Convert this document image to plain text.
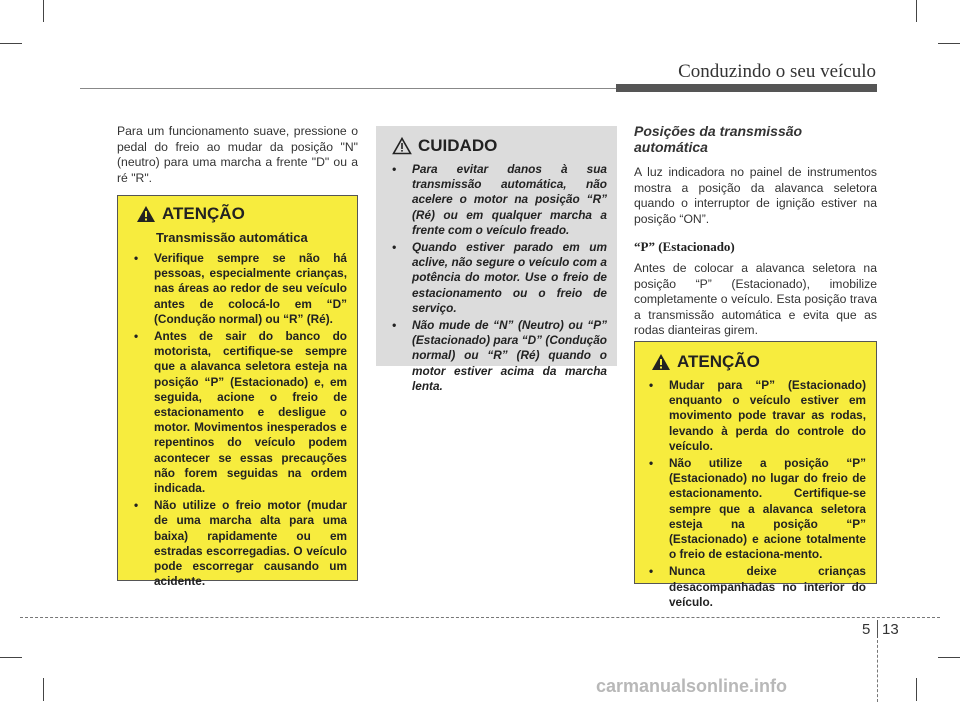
Conduzindo o seu veículo

Para um funcionamento suave, pressione o pedal do freio ao mudar da posição "N" (neutro) para uma marcha a frente "D" ou a ré "R".

ATENÇÃO
Transmissão automática
• Verifique sempre se não há pessoas, especialmente crianças, nas áreas ao redor de seu veículo antes de colocá-lo em “D” (Condução normal) ou “R” (Ré).
• Antes de sair do banco do motorista, certifique-se sempre que a alavanca seletora esteja na posição “P” (Estacionado) e, em seguida, acione o freio de estacionamento e desligue o motor. Movimentos inesperados e repentinos do veículo podem acontecer se essas precauções não forem seguidas na ordem indicada.
• Não utilize o freio motor (mudar de uma marcha alta para uma baixa) rapidamente ou em estradas escorregadias. O veículo pode escorregar causando um acidente.
CUIDADO
• Para evitar danos à sua transmissão automática, não acelere o motor na posição “R” (Ré) ou em qualquer marcha a frente com o veículo freado.
• Quando estiver parado em um aclive, não segure o veículo com a potência do motor. Use o freio de estacionamento ou o freio de serviço.
• Não mude de “N” (Neutro) ou “P” (Estacionado) para “D” (Condução normal) ou “R” (Ré) quando o motor estiver acima da marcha lenta.
Posições da transmissão automática

A luz indicadora no painel de instrumentos mostra a posição da alavanca seletora quando o interruptor de ignição estiver na posição “ON”.

“P” (Estacionado)

Antes de colocar a alavanca seletora na posição “P” (Estacionado), imobilize completamente o veículo. Esta posição trava a transmissão automática e evita que as rodas dianteiras girem.

ATENÇÃO
• Mudar para “P” (Estacionado) enquanto o veículo estiver em movimento pode travar as rodas, levando à perda do controle do veículo.
• Não utilize a posição “P” (Estacionado) no lugar do freio de estacionamento. Certifique-se sempre que a alavanca seletora esteja na posição “P” (Estacionado) e acione totalmente o freio de estaciona-mento.
• Nunca deixe crianças desacompanhadas no interior do veículo.
5 13
carmanualsonline.info
